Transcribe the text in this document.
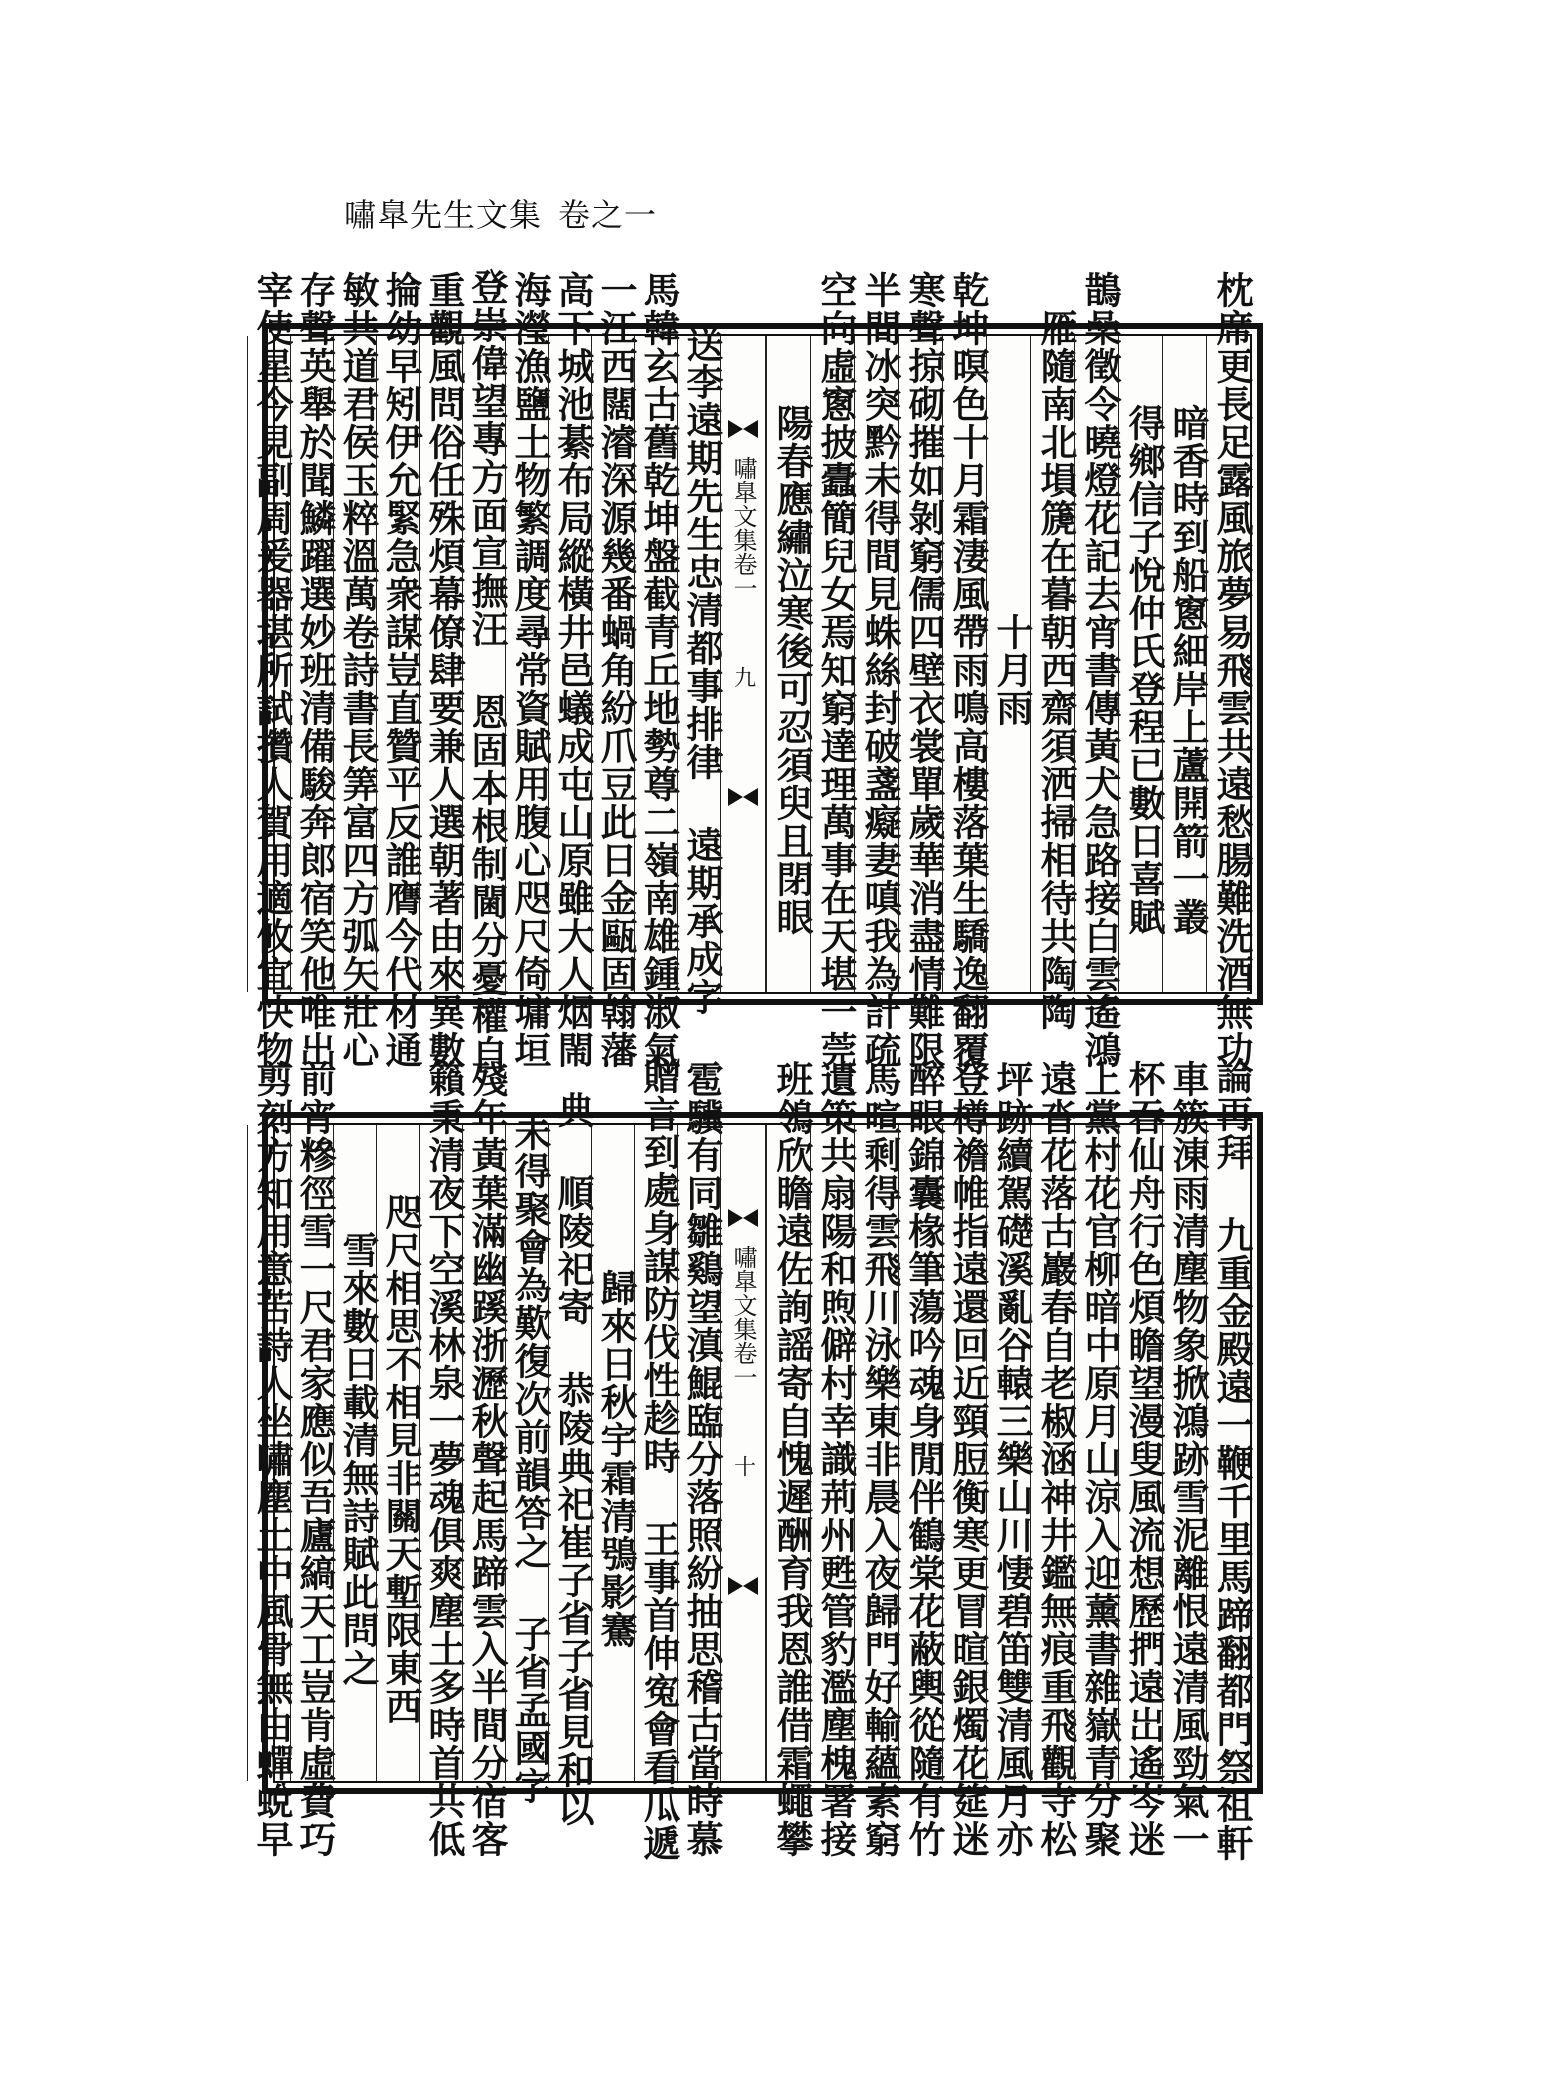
嘯臯先生文集 卷之一
枕席更長足露風旅夢易飛雲共遠愁腸難洗酒無功
暗香時到船窻細岸上蘆開箭一叢
得鄉信子悅仲氏登程已數日喜賦
鵲喿徵令曉燈花記去宵書傳黃犬急路接白雲遙鴻
雁隨南北塤篪在暮朝西齋須洒掃相待共陶陶
十月雨
乾坤暝色十月霜淒風帶雨鳴高樓落葉生驕逸翻覆
寒聲掠砌摧如剝窮儒四壁衣裳單歲華消盡情難限
半間冰突黔未得間見蛛絲封破盞癡妻嗔我為計疏
空向虛窻披蠹簡兒女焉知窮達理萬事在天堪一莞
陽春應繡泣寒後可忍須臾且閉眼
嘯臯文集卷一
九
送李遠期先生忠清都事排律 遠期承成字
馬韓玄古舊乾坤盤截青丘地勢尊二嶺南雄鍾淑氣
一江西闊濬深源幾番蝸角紛爪豆此日金甌固翰藩
高下城池綦布局縱橫井邑蟻成屯山原雖大人烟閙
海瀅漁鹽土物繁調度尋常資賦用腹心咫尺倚墉垣
登崇偉望專方面宣撫汪 恩固本根制閫分憂權自
重觀風問俗任殊煩幕僚肆要兼人選朝著由來異數
掄幼早矧伊允緊急衆謀豈直贊平反誰膺今代材通
敏共道君侯玉粹溫萬卷詩書長筭富四方弧矢壯心
存聲英舉於聞鱗躍選妙班清備駿奔郎宿笑他唯出
宰使星今見副周爰器堪所試攢人賀用適攸宜快物
論再拜 九重金殿遠一鞭千里馬蹄翻都門祭祖軒
車簇涷雨清塵物象掀鴻跡雪泥離恨遠清風勁氣一
杯吞仙舟行色煩瞻望漫叟風流想歷捫遠岀遙岑迷
上黨村花官柳暗中原月山涼入迎薰書雜嶽青分聚
遠沓花落古巖春自老椒涵神井鑑無痕重飛觀寺松
坪跡續駕礎溪亂谷轅三樂山川悽碧笛雙清風月亦
登樽襜帷指遠還回近頸脰衡寒更冒暄銀燭花筵迷
醉眼錦囊椽筆蕩吟魂身閒伴鶴棠花蔽輿從隨有竹
馬喧剩得雲飛川泳樂東非晨入夜歸門好輸蘊素窮
遺策共扇陽和煦僻村幸識荊州甦管豹濫塵槐署接
班鴒欣瞻遠佐詢謡寄自愧遲酬育我恩誰借霜蠅攀
嘯臯文集卷一
十
雹驥有同雛鷄望滇鯤臨分落照紛抽思稽古當時慕
贈言到處身謀防伐性趁時 王事首伸寃會看瓜遞
歸來日秋宇霜清鴞影騫
典 順陵祀寄 恭陵典祀崔子省子省見和以
未得聚會為歎復次前韻答之 子省孟國字
殘年黃葉滿幽蹊浙瀝秋聲起馬蹄雲入半間分宿客
籟秉清夜下空溪林泉一夢魂俱爽塵土多時首共低
咫尺相思不相見非關天塹限東西
雪來數日載清無詩賦此問之
前宵糝徑雪一尺君家應似吾廬縞天工豈肯虛費巧
剪刻方知用意苦詩人坐嘯塵土中風骨無由蟬蛻早
